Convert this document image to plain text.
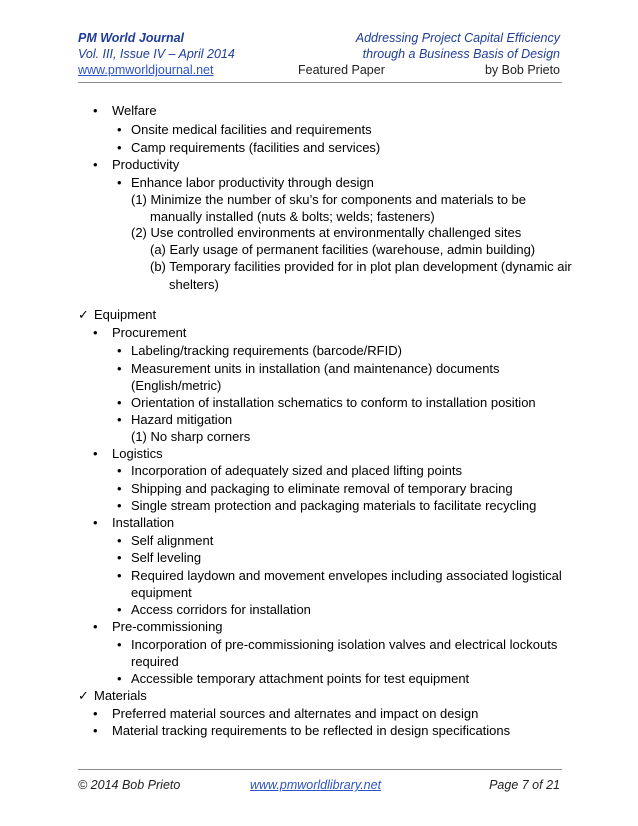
PM World Journal
Vol. III, Issue IV – April 2014
www.pmworldjournal.net
Addressing Project Capital Efficiency
through a Business Basis of Design
Featured Paper	by Bob Prieto
• Welfare
• Onsite medical facilities and requirements
• Camp requirements (facilities and services)
• Productivity
• Enhance labor productivity through design
(1) Minimize the number of sku’s for components and materials to be
manually installed (nuts & bolts; welds; fasteners)
(2) Use controlled environments at environmentally challenged sites
(a) Early usage of permanent facilities (warehouse, admin building)
(b) Temporary facilities provided for in plot plan development (dynamic air
shelters)
✓ Equipment
• Procurement
• Labeling/tracking requirements (barcode/RFID)
• Measurement units in installation (and maintenance) documents
(English/metric)
• Orientation of installation schematics to conform to installation position
• Hazard mitigation
(1) No sharp corners
• Logistics
• Incorporation of adequately sized and placed lifting points
• Shipping and packaging to eliminate removal of temporary bracing
• Single stream protection and packaging materials to facilitate recycling
• Installation
• Self alignment
• Self leveling
• Required laydown and movement envelopes including associated logistical
equipment
• Access corridors for installation
• Pre-commissioning
• Incorporation of pre-commissioning isolation valves and electrical lockouts
required
• Accessible temporary attachment points for test equipment
✓ Materials
• Preferred material sources and alternates and impact on design
• Material tracking requirements to be reflected in design specifications
© 2014 Bob Prieto	www.pmworldlibrary.net	Page 7 of 21
